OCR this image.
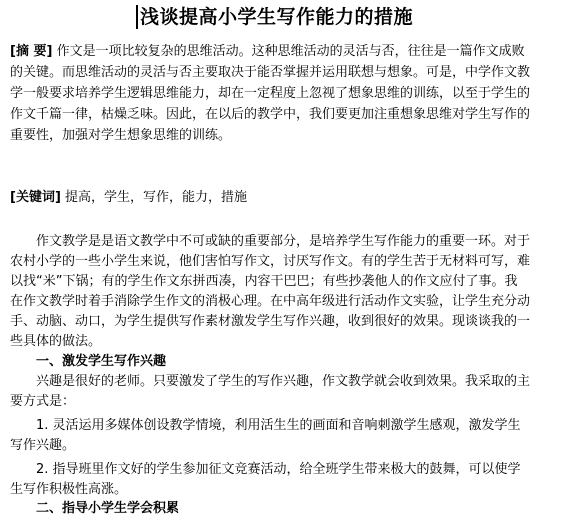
浅谈提高小学生写作能力的措施
[摘 要] 作文是一项比较复杂的思维活动。这种思维活动的灵活与否，往往是一篇作文成败
的关键。而思维活动的灵活与否主要取决于能否掌握并运用联想与想象。可是，中学作文教
学一般要求培养学生逻辑思维能力，却在一定程度上忽视了想象思维的训练，以至于学生的
作文千篇一律，枯燥乏味。因此，在以后的教学中，我们要更加注重想象思维对学生写作的
重要性，加强对学生想象思维的训练。
[关键词] 提高，学生，写作，能力，措施
作文教学是是语文教学中不可或缺的重要部分，是培养学生写作能力的重要一环。对于
农村小学的一些小学生来说，他们害怕写作文，讨厌写作文。有的学生苦于无材料可写，难
以找“米”下锅；有的学生作文东拼西凑，内容干巴巴；有些抄袭他人的作文应付了事。我
在作文教学时着手消除学生作文的消极心理。在中高年级进行活动作文实验，让学生充分动
手、动脑、动口，为学生提供写作素材激发学生写作兴趣，收到很好的效果。现谈谈我的一
些具体的做法。
一、激发学生写作兴趣
兴趣是很好的老师。只要激发了学生的写作兴趣，作文教学就会收到效果。我采取的主
要方式是：
1. 灵活运用多媒体创设教学情境，利用活生生的画面和音响刺激学生感观，激发学生
写作兴趣。
2. 指导班里作文好的学生参加征文竞赛活动，给全班学生带来极大的鼓舞，可以使学
生写作积极性高涨。
二、指导小学生学会积累
